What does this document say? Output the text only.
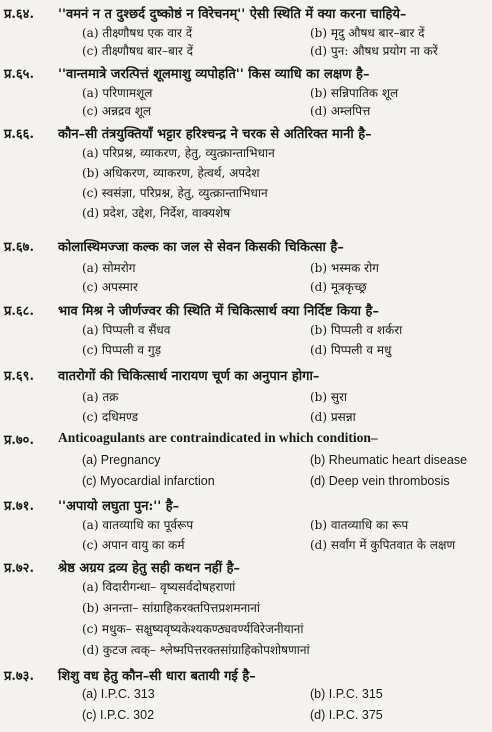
प्र.६४. ''वमनं न त दुश्छर्द दुष्कोष्ठं न विरेचनम्'' ऐसी स्थिति में क्या करना चाहिये–
(a) तीक्ष्णौषध एक वार दें	(b) मृदु औषध बार–बार दें
(c) तीक्ष्णौषध बार–बार दें	(d) पुन: औषध प्रयोग ना करें
प्र.६५. ''वान्तमात्रे जरत्पित्तं शूलमाशु व्यपोहति'' किस व्याधि का लक्षण है–
(a) परिणामशूल	(b) सन्निपातिक शूल
(c) अन्नद्रव शूल	(d) अम्लपित्त
प्र.६६. कौन–सी तंत्रयुक्तियाँ भट्टार हरिश्चन्द्र ने चरक से अतिरिक्त मानी है–
(a) परिप्रश्न, व्याकरण, हेतु, व्युत्क्रान्ताभिधान
(b) अधिकरण, व्याकरण, हेत्वर्थ, अपदेश
(c) स्वसंज्ञा, परिप्रश्न, हेतु, व्युत्क्रान्ताभिधान
(d) प्रदेश, उद्देश, निर्देश, वाक्यशेष
प्र.६७. कोलास्थिमज्जा कल्क का जल से सेवन किसकी चिकित्सा है–
(a) सोमरोग	(b) भस्मक रोग
(c) अपस्मार	(d) मूत्रकृच्छ्र
प्र.६८. भाव मिश्र ने जीर्णज्वर की स्थिति में चिकित्सार्थ क्या निर्दिष्ट किया है–
(a) पिप्पली व सैंधव	(b) पिप्पली व शर्करा
(c) पिप्पली व गुड़	(d) पिप्पली व मधु
प्र.६९. वातरोगों की चिकित्सार्थ नारायण चूर्ण का अनुपान होगा–
(a) तक्र	(b) सुरा
(c) दधिमण्ड	(d) प्रसन्ना
प्र.७०. Anticoagulants are contraindicated in which condition–
(a) Pregnancy	(b) Rheumatic heart disease
(c) Myocardial infarction	(d) Deep vein thrombosis
प्र.७१. ''अपायो लघुता पुन:'' है–
(a) वातव्याधि का पूर्वरूप	(b) वातव्याधि का रूप
(c) अपान वायु का कर्म	(d) सर्वांग में कुपितवात के लक्षण
प्र.७२. श्रेष्ठ अग्रय द्रव्य हेतु सही कथन नहीं है–
(a) विदारीगन्धा– वृष्यसर्वदोषहराणां
(b) अनन्ता– सांग्राहिकरक्तपित्तप्रशमनानां
(c) मधुक– सक्षुष्यवृष्यकेश्यकण्ठ्यवर्ण्यविरेजनीयानां
(d) कुटज त्वक्– श्लेष्मपित्तरक्तसांग्राहिकोपशोषणानां
प्र.७३. शिशु वध हेतु कौन–सी धारा बतायी गई है–
(a) I.P.C. 313	(b) I.P.C. 315
(c) I.P.C. 302	(d) I.P.C. 375
